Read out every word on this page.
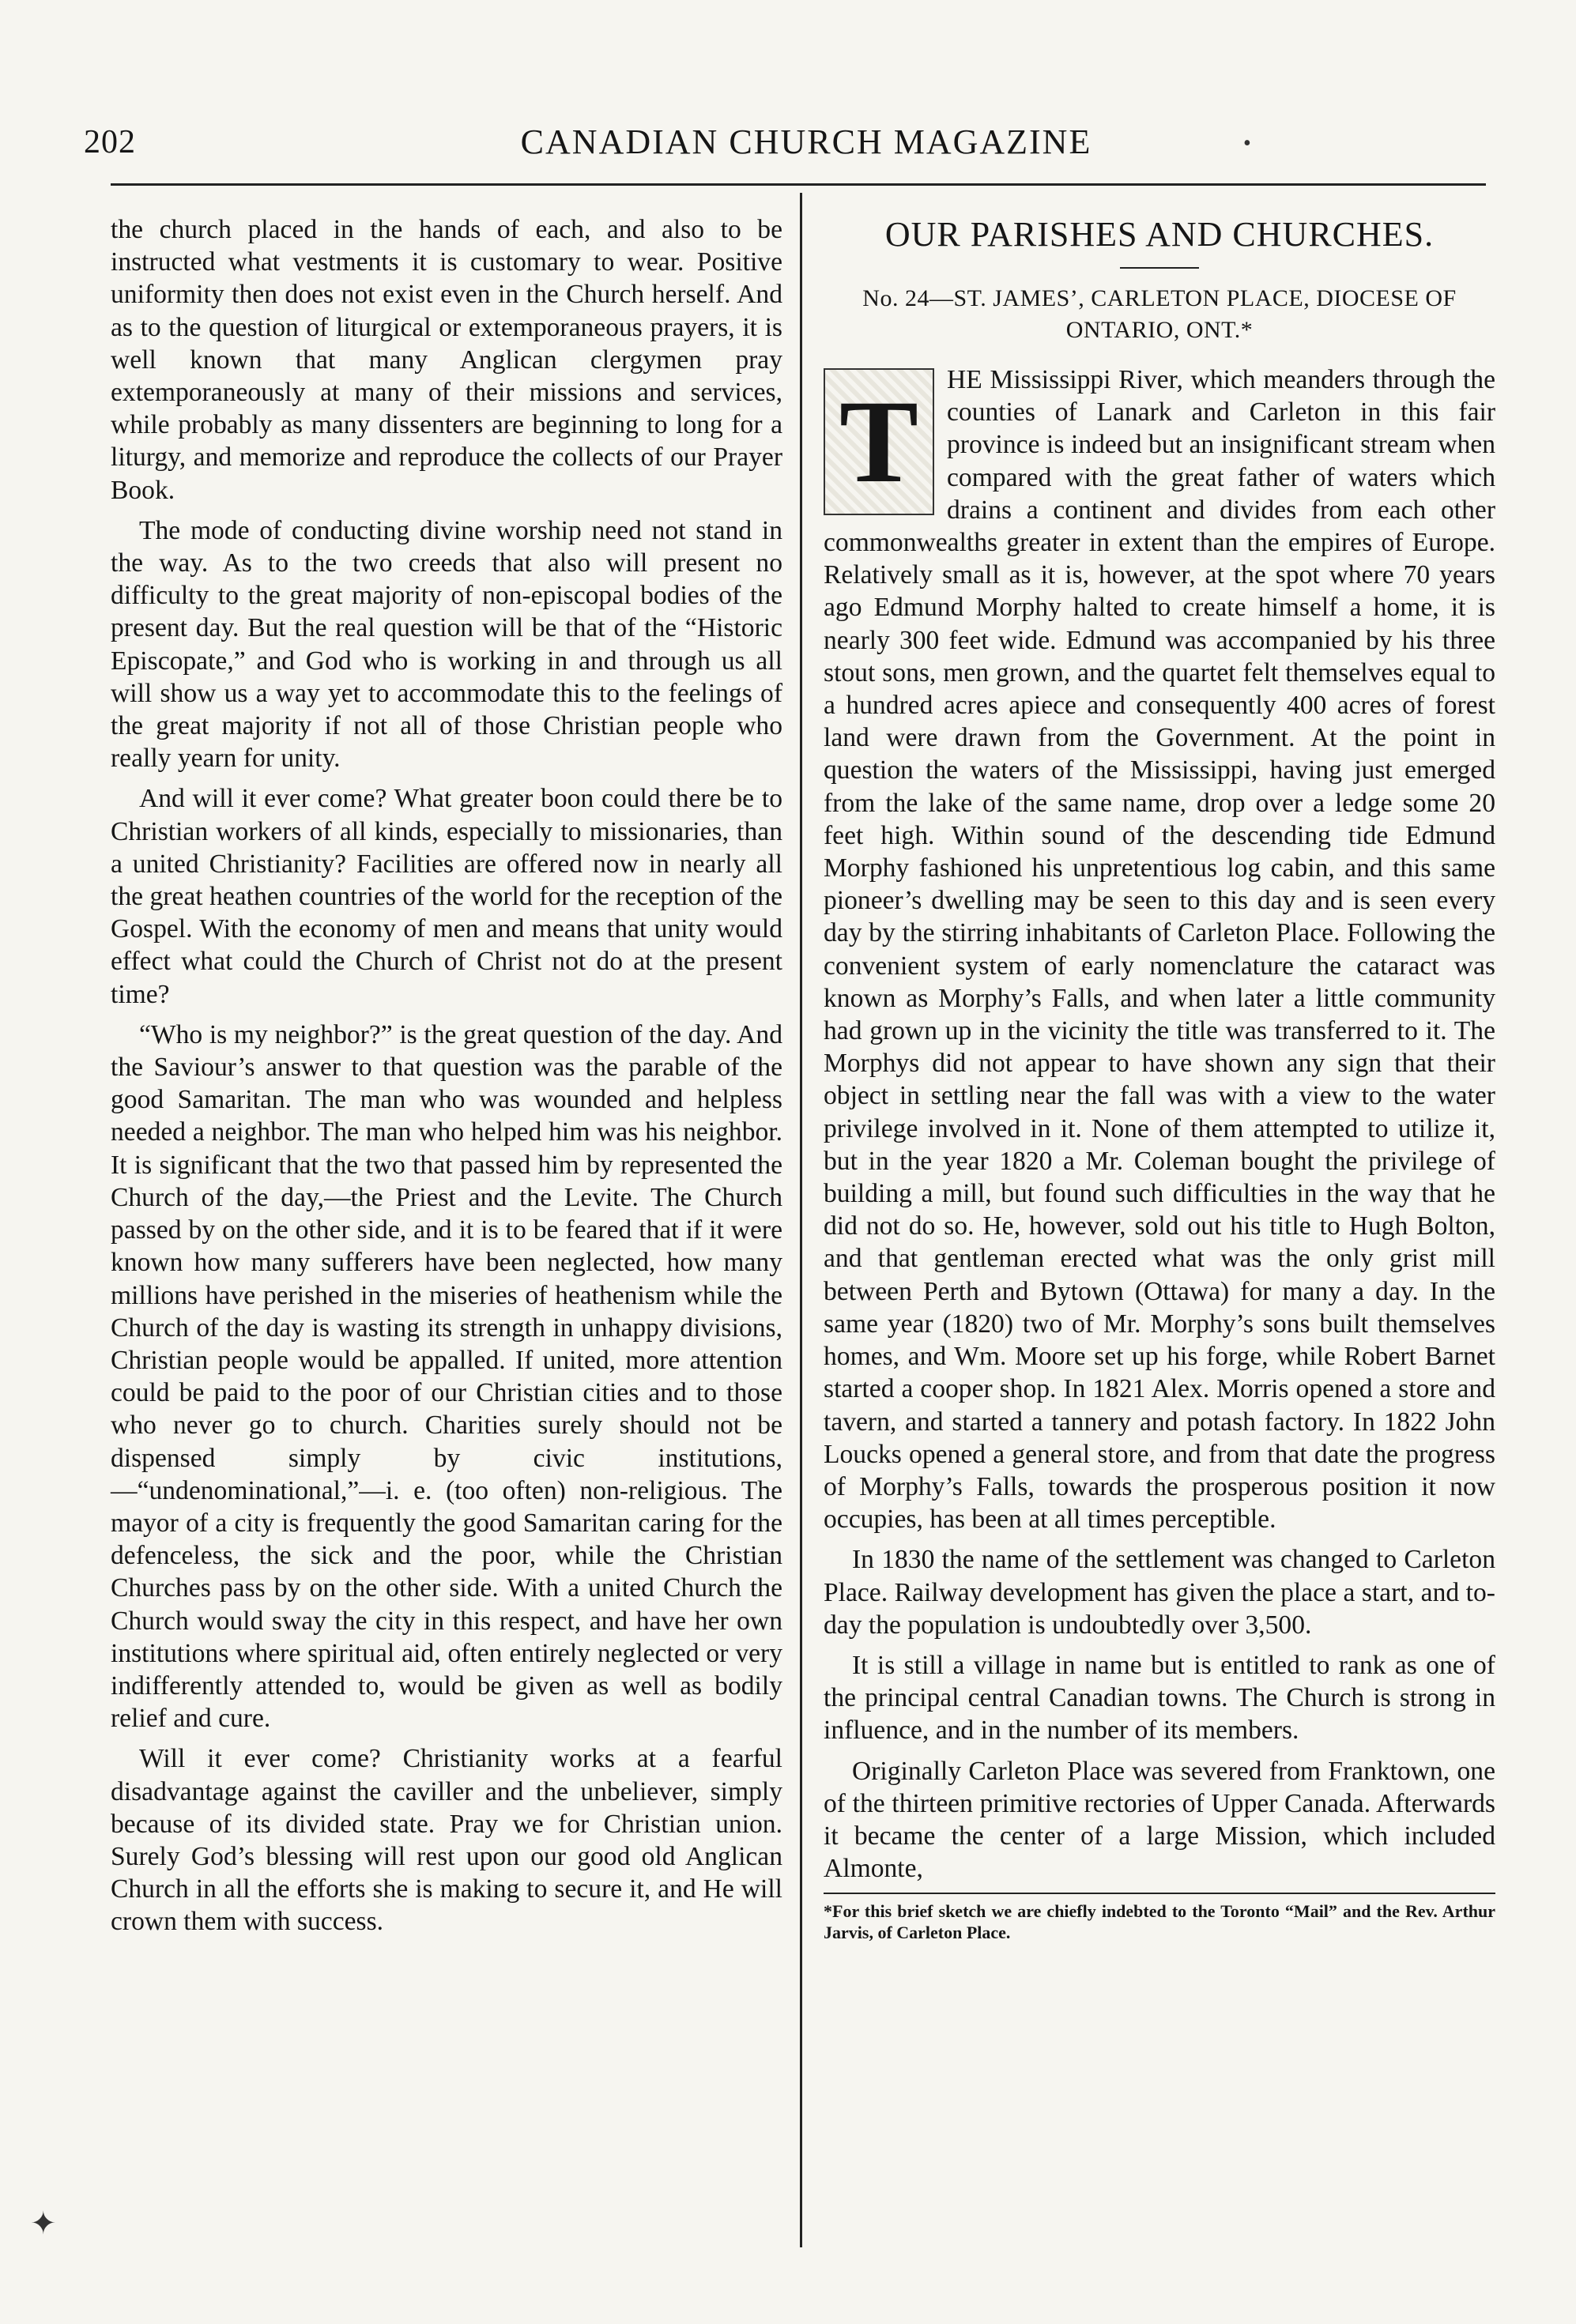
202	CANADIAN CHURCH MAGAZINE

the church placed in the hands of each, and also to be instructed what vestments it is customary to wear. Positive uniformity then does not exist even in the Church herself. And as to the question of liturgical or extemporaneous prayers, it is well known that many Anglican clergymen pray extemporaneously at many of their missions and services, while probably as many dissenters are beginning to long for a liturgy, and memorize and reproduce the collects of our Prayer Book.

The mode of conducting divine worship need not stand in the way. As to the two creeds that also will present no difficulty to the great majority of non-episcopal bodies of the present day. But the real question will be that of the “Historic Episcopate,” and God who is working in and through us all will show us a way yet to accommodate this to the feelings of the great majority if not all of those Christian people who really yearn for unity.

And will it ever come? What greater boon could there be to Christian workers of all kinds, especially to missionaries, than a united Christianity? Facilities are offered now in nearly all the great heathen countries of the world for the reception of the Gospel. With the economy of men and means that unity would effect what could the Church of Christ not do at the present time?

“Who is my neighbor?” is the great question of the day. And the Saviour’s answer to that question was the parable of the good Samaritan. The man who was wounded and helpless needed a neighbor. The man who helped him was his neighbor. It is significant that the two that passed him by represented the Church of the day,—the Priest and the Levite. The Church passed by on the other side, and it is to be feared that if it were known how many sufferers have been neglected, how many millions have perished in the miseries of heathenism while the Church of the day is wasting its strength in unhappy divisions, Christian people would be appalled. If united, more attention could be paid to the poor of our Christian cities and to those who never go to church. Charities surely should not be dispensed simply by civic institutions,—“undenominational,”—i. e. (too often) non-religious. The mayor of a city is frequently the good Samaritan caring for the defenceless, the sick and the poor, while the Christian Churches pass by on the other side. With a united Church the Church would sway the city in this respect, and have her own institutions where spiritual aid, often entirely neglected or very indifferently attended to, would be given as well as bodily relief and cure.

Will it ever come? Christianity works at a fearful disadvantage against the caviller and the unbeliever, simply because of its divided state. Pray we for Christian union. Surely God’s blessing will rest upon our good old Anglican Church in all the efforts she is making to secure it, and He will crown them with success.

OUR PARISHES AND CHURCHES.
No. 24—ST. JAMES’, CARLETON PLACE, DIOCESE OF ONTARIO, ONT.*

T	HE Mississippi River, which meanders through the counties of Lanark and Carleton in this fair province is indeed but an insignificant stream when compared with the great father of waters which drains a continent and divides from each other commonwealths greater in extent than the empires of Europe. Relatively small as it is, however, at the spot where 70 years ago Edmund Morphy halted to create himself a home, it is nearly 300 feet wide. Edmund was accompanied by his three stout sons, men grown, and the quartet felt themselves equal to a hundred acres apiece and consequently 400 acres of forest land were drawn from the Government. At the point in question the waters of the Mississippi, having just emerged from the lake of the same name, drop over a ledge some 20 feet high. Within sound of the descending tide Edmund Morphy fashioned his unpretentious log cabin, and this same pioneer’s dwelling may be seen to this day and is seen every day by the stirring inhabitants of Carleton Place. Following the convenient system of early nomenclature the cataract was known as Morphy’s Falls, and when later a little community had grown up in the vicinity the title was transferred to it. The Morphys did not appear to have shown any sign that their object in settling near the fall was with a view to the water privilege involved in it. None of them attempted to utilize it, but in the year 1820 a Mr. Coleman bought the privilege of building a mill, but found such difficulties in the way that he did not do so. He, however, sold out his title to Hugh Bolton, and that gentleman erected what was the only grist mill between Perth and Bytown (Ottawa) for many a day. In the same year (1820) two of Mr. Morphy’s sons built themselves homes, and Wm. Moore set up his forge, while Robert Barnet started a cooper shop. In 1821 Alex. Morris opened a store and tavern, and started a tannery and potash factory. In 1822 John Loucks opened a general store, and from that date the progress of Morphy’s Falls, towards the prosperous position it now occupies, has been at all times perceptible.

In 1830 the name of the settlement was changed to Carleton Place. Railway development has given the place a start, and to-day the population is undoubtedly over 3,500.

It is still a village in name but is entitled to rank as one of the principal central Canadian towns. The Church is strong in influence, and in the number of its members.

Originally Carleton Place was severed from Franktown, one of the thirteen primitive rectories of Upper Canada. Afterwards it became the center of a large Mission, which included Almonte,

*For this brief sketch we are chiefly indebted to the Toronto “Mail” and the Rev. Arthur Jarvis, of Carleton Place.
•
✦
